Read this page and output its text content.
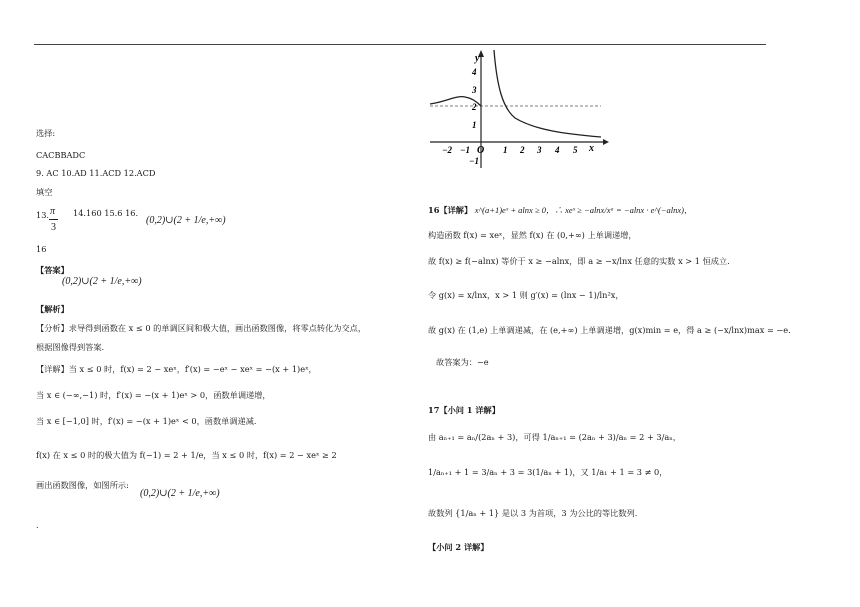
选择:
CACBBADC
9. AC 10.AD 11.ACD 12.ACD
填空
13. π
3
14.160 15.6 16.
(0,2)∪(2 + 1/e,+∞)
16
【答案】
(0,2)∪(2 + 1/e,+∞)
【解析】
【分析】求导得到函数在 x ≤ 0 的单调区间和极大值，画出函数图像，将零点转化为交点，
根据图像得到答案.
【详解】当 x ≤ 0 时，f(x) = 2 − xeˣ，f′(x) = −eˣ − xeˣ = −(x + 1)eˣ，
当 x ∈ (−∞,−1) 时，f′(x) = −(x + 1)eˣ > 0，函数单调递增，
当 x ∈ [−1,0] 时，f′(x) = −(x + 1)eˣ < 0，函数单调递减.
f(x) 在 x ≤ 0 时的极大值为 f(−1) = 2 + 1/e，当 x ≤ 0 时，f(x) = 2 − xeˣ ≥ 2
画出函数图像，如图所示:
(0,2)∪(2 + 1/e,+∞)
.
y
x
O
−2 −1	1 2 3 4 5
4
3
2
1
−1
16【详解】 x^(a+1)eˣ + alnx ≥ 0，∴ xeˣ ≥ −alnx/xᵃ = −alnx · e^(−alnx)，
构造函数 f(x) = xeˣ，显然 f(x) 在 (0,+∞) 上单调递增，
故 f(x) ≥ f(−alnx) 等价于 x ≥ −alnx，即 a ≥ −x/lnx 任意的实数 x > 1 恒成立.
令 g(x) = x/lnx，x > 1 则 g′(x) = (lnx − 1)/ln²x，
故 g(x) 在 (1,e) 上单调递减，在 (e,+∞) 上单调递增，g(x)min = e，得 a ≥ (−x/lnx)max = −e.
故答案为：−e
17【小问 1 详解】
由 aₙ₊₁ = aₙ/(2aₙ + 3)，可得 1/aₙ₊₁ = (2aₙ + 3)/aₙ = 2 + 3/aₙ，
1/aₙ₊₁ + 1 = 3/aₙ + 3 = 3(1/aₙ + 1)，又 1/a₁ + 1 = 3 ≠ 0，
故数列 {1/aₙ + 1} 是以 3 为首项，3 为公比的等比数列.
【小问 2 详解】
